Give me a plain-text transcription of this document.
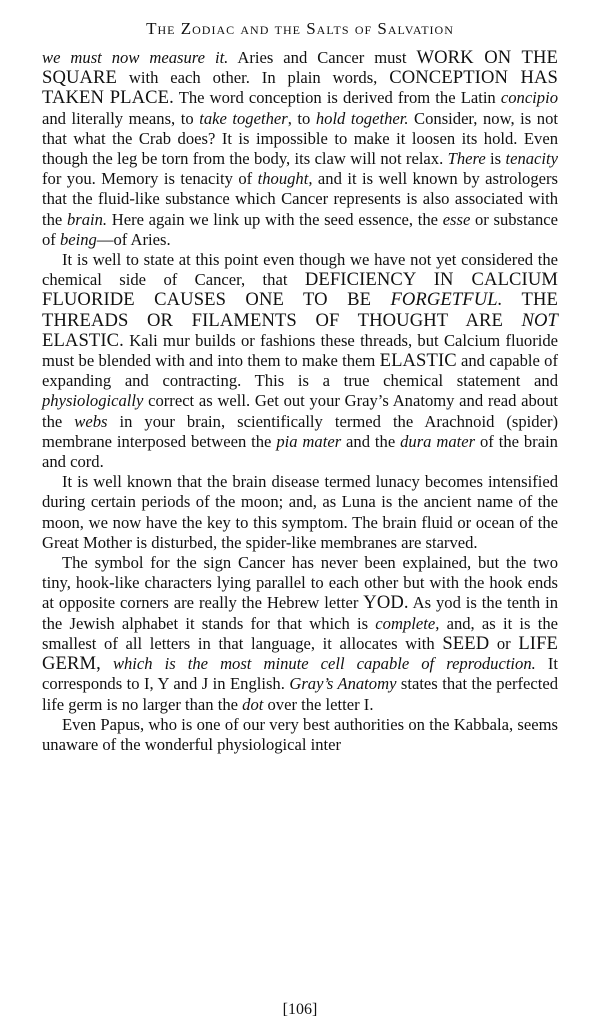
The Zodiac and the Salts of Salvation

we must now measure it. Aries and Cancer must WORK ON THE SQUARE with each other. In plain words, CONCEPTION HAS TAKEN PLACE. The word conception is derived from the Latin concipio and literally means, to take together, to hold together. Consider, now, is not that what the Crab does? It is impossible to make it loosen its hold. Even though the leg be torn from the body, its claw will not relax. There is tenacity for you. Memory is tenacity of thought, and it is well known by astrologers that the fluid-like substance which Cancer represents is also associated with the brain. Here again we link up with the seed essence, the esse or substance of being—of Aries.

It is well to state at this point even though we have not yet considered the chemical side of Cancer, that DEFICIENCY IN CALCIUM FLUORIDE CAUSES ONE TO BE FORGETFUL. THE THREADS OR FILAMENTS OF THOUGHT ARE NOT ELASTIC. Kali mur builds or fashions these threads, but Calcium fluoride must be blended with and into them to make them ELASTIC and capable of expanding and contracting. This is a true chemical statement and physiologically correct as well. Get out your Gray’s Anatomy and read about the webs in your brain, scientifically termed the Arachnoid (spider) membrane interposed between the pia mater and the dura mater of the brain and cord.

It is well known that the brain disease termed lunacy becomes intensified during certain periods of the moon; and, as Luna is the ancient name of the moon, we now have the key to this symptom. The brain fluid or ocean of the Great Mother is disturbed, the spider-like membranes are starved.

The symbol for the sign Cancer has never been explained, but the two tiny, hook-like characters lying parallel to each other but with the hook ends at opposite corners are really the Hebrew letter YOD. As yod is the tenth in the Jewish alphabet it stands for that which is complete, and, as it is the smallest of all letters in that language, it allocates with SEED or LIFE GERM, which is the most minute cell capable of reproduction. It corresponds to I, Y and J in English. Gray’s Anatomy states that the perfected life germ is no larger than the dot over the letter I.

Even Papus, who is one of our very best authorities on the Kabbala, seems unaware of the wonderful physiological inter

[106]
